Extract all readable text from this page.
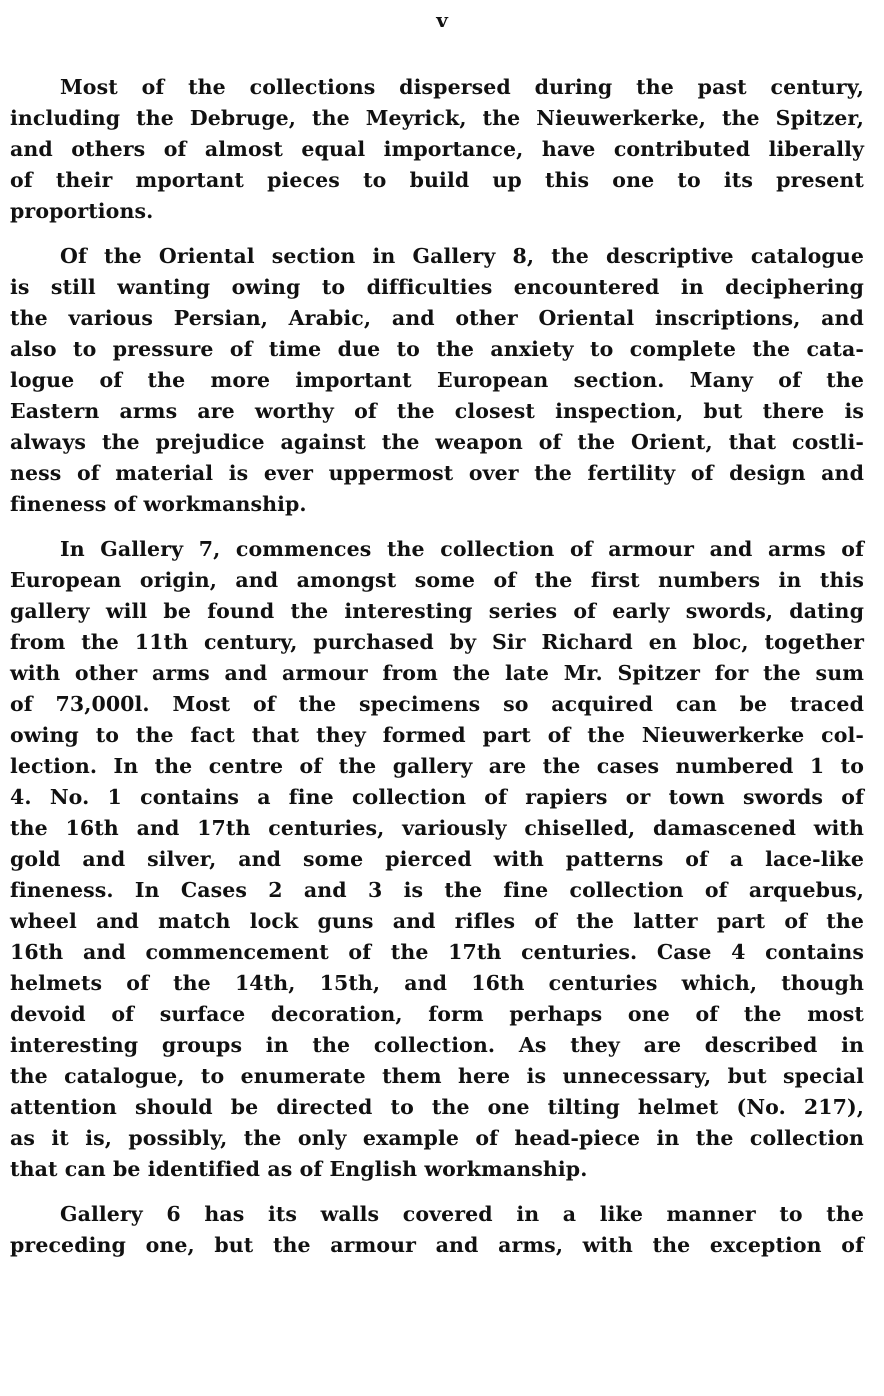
v
Most of the collections dispersed during the past century,
including the Debruge, the Meyrick, the Nieuwerkerke, the Spitzer,
and others of almost equal importance, have contributed liberally
of their mportant pieces to build up this one to its present
proportions.
Of the Oriental section in Gallery 8, the descriptive catalogue
is still wanting owing to difficulties encountered in deciphering
the various Persian, Arabic, and other Oriental inscriptions, and
also to pressure of time due to the anxiety to complete the cata-
logue of the more important European section. Many of the
Eastern arms are worthy of the closest inspection, but there is
always the prejudice against the weapon of the Orient, that costli-
ness of material is ever uppermost over the fertility of design and
fineness of workmanship.
In Gallery 7, commences the collection of armour and arms of
European origin, and amongst some of the first numbers in this
gallery will be found the interesting series of early swords, dating
from the 11th century, purchased by Sir Richard en bloc, together
with other arms and armour from the late Mr. Spitzer for the sum
of 73,000l. Most of the specimens so acquired can be traced
owing to the fact that they formed part of the Nieuwerkerke col-
lection. In the centre of the gallery are the cases numbered 1 to
4. No. 1 contains a fine collection of rapiers or town swords of
the 16th and 17th centuries, variously chiselled, damascened with
gold and silver, and some pierced with patterns of a lace-like
fineness. In Cases 2 and 3 is the fine collection of arquebus,
wheel and match lock guns and rifles of the latter part of the
16th and commencement of the 17th centuries. Case 4 contains
helmets of the 14th, 15th, and 16th centuries which, though
devoid of surface decoration, form perhaps one of the most
interesting groups in the collection. As they are described in
the catalogue, to enumerate them here is unnecessary, but special
attention should be directed to the one tilting helmet (No. 217),
as it is, possibly, the only example of head-piece in the collection
that can be identified as of English workmanship.
Gallery 6 has its walls covered in a like manner to the
preceding one, but the armour and arms, with the exception of
